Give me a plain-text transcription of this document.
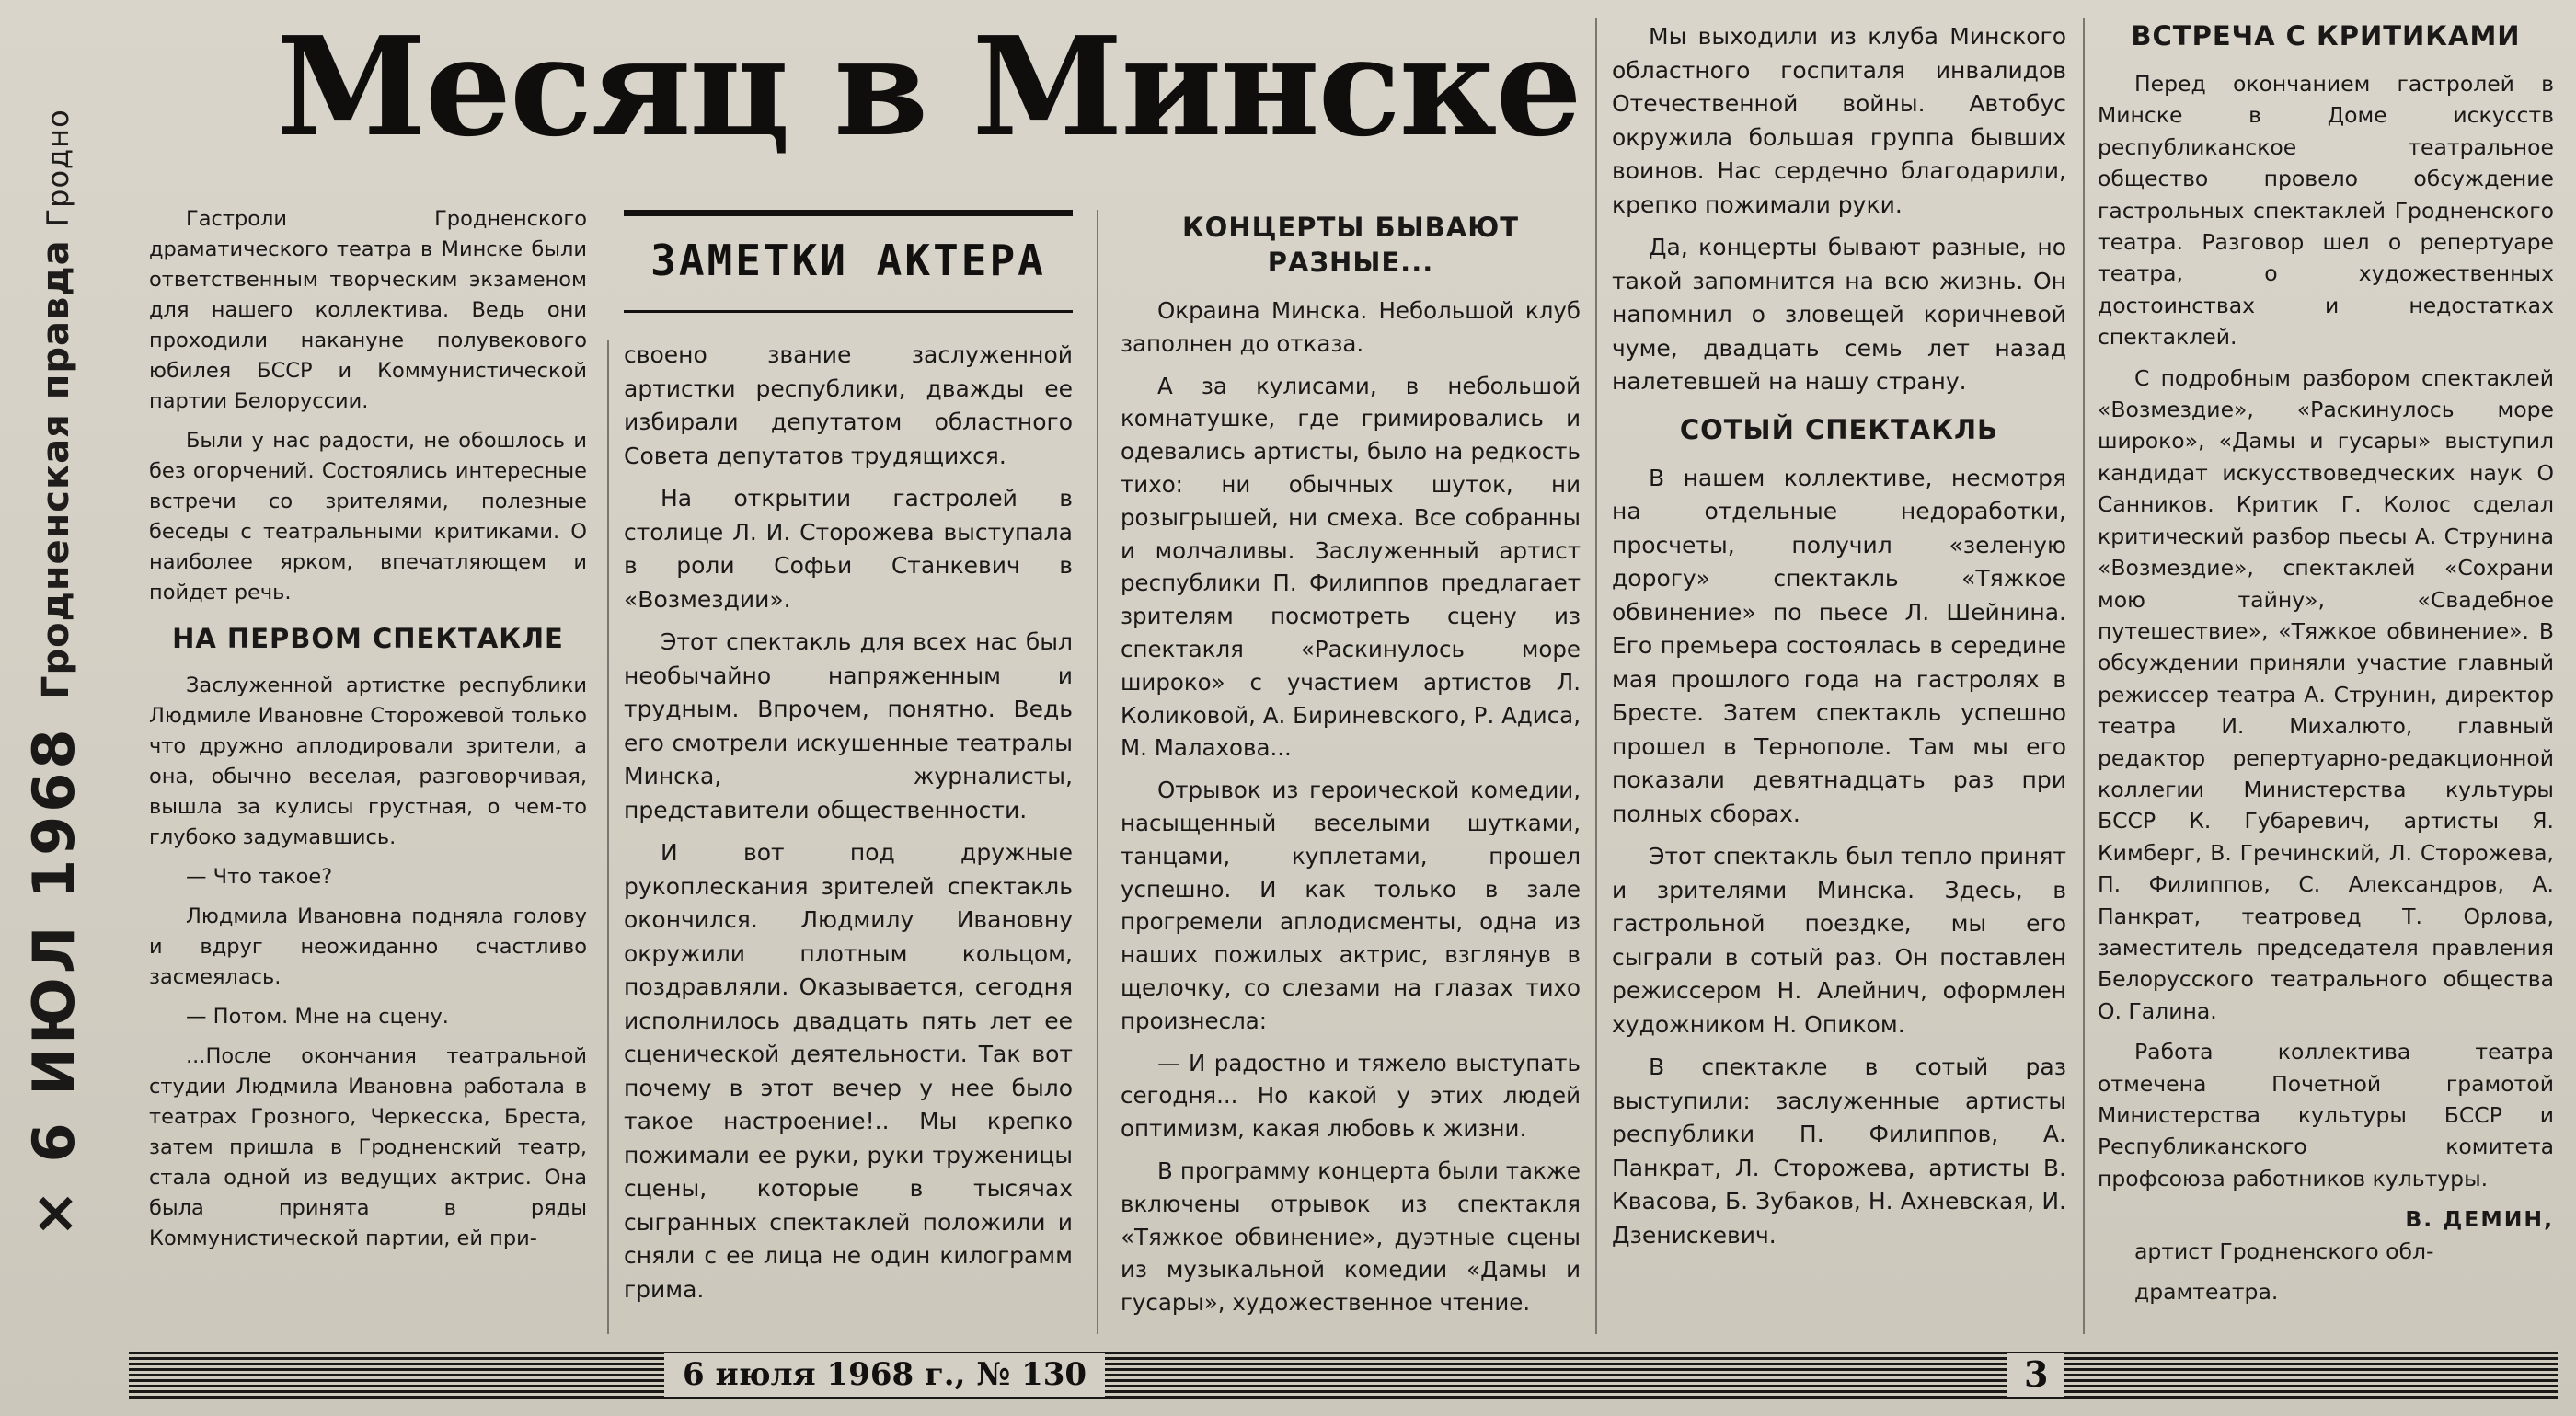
Гродненская правдаГродно
× 6 ИЮЛ 1968
Месяц в Минске
ЗАМЕТКИ АКТЕРА

Гастроли Гродненского драматического театра в Минске были ответственным творческим экзаменом для нашего коллектива. Ведь они проходили накануне полувекового юбилея БССР и Коммунистической партии Белоруссии.

Были у нас радости, не обошлось и без огорчений. Состоялись интересные встречи со зрителями, полезные беседы с театральными критиками. О наиболее ярком, впечатляющем и пойдет речь.

НА ПЕРВОМ СПЕКТАКЛЕ

Заслуженной артистке республики Людмиле Ивановне Сторожевой только что дружно аплодировали зрители, а она, обычно веселая, разговорчивая, вышла за кулисы грустная, о чем-то глубоко задумавшись.

— Что такое?

Людмила Ивановна подняла голову и вдруг неожиданно счастливо засмеялась.

— Потом. Мне на сцену.

...После окончания театральной студии Людмила Ивановна работала в театрах Грозного, Черкесска, Бреста, затем пришла в Гродненский театр, стала одной из ведущих актрис. Она была принята в ряды Коммунистической партии, ей при-

своено звание заслуженной артистки республики, дважды ее избирали депутатом областного Совета депутатов трудящихся.

На открытии гастролей в столице Л. И. Сторожева выступала в роли Софьи Станкевич в «Возмездии».

Этот спектакль для всех нас был необычайно напряженным и трудным. Впрочем, понятно. Ведь его смотрели искушенные театралы Минска, журналисты, представители общественности.

И вот под дружные рукоплескания зрителей спектакль окончился. Людмилу Ивановну окружили плотным кольцом, поздравляли. Оказывается, сегодня исполнилось двадцать пять лет ее сценической деятельности. Так вот почему в этот вечер у нее было такое настроение!.. Мы крепко пожимали ее руки, руки труженицы сцены, которые в тысячах сыгранных спектаклей положили и сняли с ее лица не один килограмм грима.

КОНЦЕРТЫ БЫВАЮТ РАЗНЫЕ...

Окраина Минска. Небольшой клуб заполнен до отказа.

А за кулисами, в небольшой комнатушке, где гримировались и одевались артисты, было на редкость тихо: ни обычных шуток, ни розыгрышей, ни смеха. Все собранны и молчаливы. Заслуженный артист республики П. Филиппов предлагает зрителям посмотреть сцену из спектакля «Раскинулось море широко» с участием артистов Л. Коликовой, А. Бириневского, Р. Адиса, М. Малахова...

Отрывок из героической комедии, насыщенный веселыми шутками, танцами, куплетами, прошел успешно. И как только в зале прогремели аплодисменты, одна из наших пожилых актрис, взглянув в щелочку, со слезами на глазах тихо произнесла:

— И радостно и тяжело выступать сегодня... Но какой у этих людей оптимизм, какая любовь к жизни.

В программу концерта были также включены отрывок из спектакля «Тяжкое обвинение», дуэтные сцены из музыкальной комедии «Дамы и гусары», художественное чтение.

Мы выходили из клуба Минского областного госпиталя инвалидов Отечественной войны. Автобус окружила большая группа бывших воинов. Нас сердечно благодарили, крепко пожимали руки.

Да, концерты бывают разные, но такой запомнится на всю жизнь. Он напомнил о зловещей коричневой чуме, двадцать семь лет назад налетевшей на нашу страну.

СОТЫЙ СПЕКТАКЛЬ

В нашем коллективе, несмотря на отдельные недоработки, просчеты, получил «зеленую дорогу» спектакль «Тяжкое обвинение» по пьесе Л. Шейнина. Его премьера состоялась в середине мая прошлого года на гастролях в Бресте. Затем спектакль успешно прошел в Тернополе. Там мы его показали девятнадцать раз при полных сборах.

Этот спектакль был тепло принят и зрителями Минска. Здесь, в гастрольной поездке, мы его сыграли в сотый раз. Он поставлен режиссером Н. Алейнич, оформлен художником Н. Опиком.

В спектакле в сотый раз выступили: заслуженные артисты республики П. Филиппов, А. Панкрат, Л. Сторожева, артисты В. Квасова, Б. Зубаков, Н. Ахневская, И. Дзенискевич.

ВСТРЕЧА С КРИТИКАМИ

Перед окончанием гастролей в Минске в Доме искусств республиканское театральное общество провело обсуждение гастрольных спектаклей Гродненского театра. Разговор шел о репертуаре театра, о художественных достоинствах и недостатках спектаклей.

С подробным разбором спектаклей «Возмездие», «Раскинулось море широко», «Дамы и гусары» выступил кандидат искусствоведческих наук О Санников. Критик Г. Колос сделал критический разбор пьесы А. Струнина «Возмездие», спектаклей «Сохрани мою тайну», «Свадебное путешествие», «Тяжкое обвинение». В обсуждении приняли участие главный режиссер театра А. Струнин, директор театра И. Михалюто, главный редактор репертуарно-редакционной коллегии Министерства культуры БССР К. Губаревич, артисты Я. Кимберг, В. Гречинский, Л. Сторожева, П. Филиппов, С. Александров, А. Панкрат, театровед Т. Орлова, заместитель председателя правления Белорусского театрального общества О. Галина.

Работа коллектива театра отмечена Почетной грамотой Министерства культуры БССР и Республиканского комитета профсоюза работников культуры.

В. ДЕМИН,

артист Гродненского обл-

драмтеатра.

6 июля 1968 г., № 130	3
